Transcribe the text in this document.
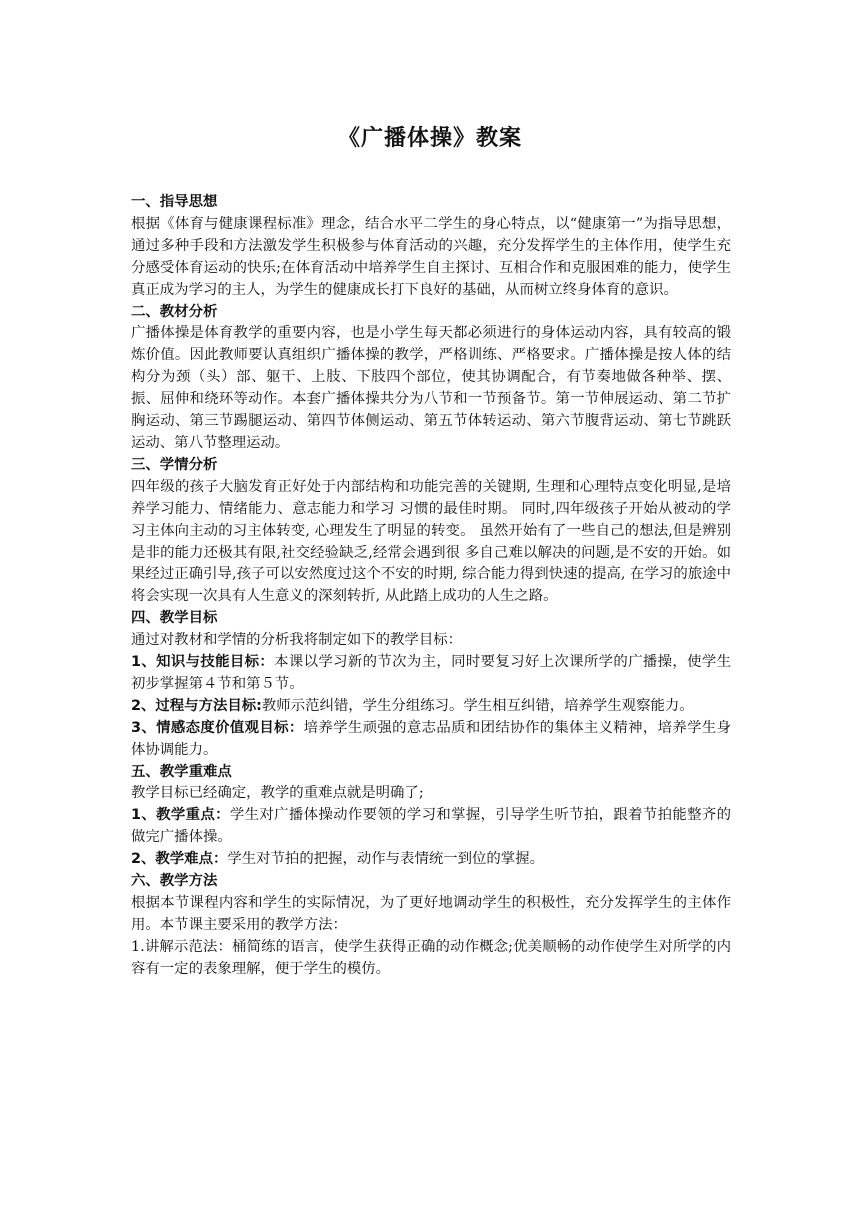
《广播体操》教案

一、指导思想

根据《体育与健康课程标准》理念，结合水平二学生的身心特点，以“健康第一”为指导思想，通过多种手段和方法激发学生积极参与体育活动的兴趣，充分发挥学生的主体作用，使学生充分感受体育运动的快乐;在体育活动中培养学生自主探讨、互相合作和克服困难的能力，使学生真正成为学习的主人，为学生的健康成长打下良好的基础，从而树立终身体育的意识。

二、教材分析

广播体操是体育教学的重要内容，也是小学生每天都必须进行的身体运动内容，具有较高的锻炼价值。因此教师要认真组织广播体操的教学，严格训练、严格要求。广播体操是按人体的结构分为颈（头）部、躯干、上肢、下肢四个部位，使其协调配合，有节奏地做各种举、摆、振、屈伸和绕环等动作。本套广播体操共分为八节和一节预备节。第一节伸展运动、第二节扩胸运动、第三节踢腿运动、第四节体侧运动、第五节体转运动、第六节腹背运动、第七节跳跃运动、第八节整理运动。

三、学情分析

四年级的孩子大脑发育正好处于内部结构和功能完善的关键期, 生理和心理特点变化明显,是培养学习能力、情绪能力、意志能力和学习 习惯的最佳时期。 同时,四年级孩子开始从被动的学习主体向主动的习主体转变, 心理发生了明显的转变。 虽然开始有了一些自己的想法,但是辨别是非的能力还极其有限,社交经验缺乏,经常会遇到很 多自己难以解决的问题,是不安的开始。如果经过正确引导,孩子可以安然度过这个不安的时期, 综合能力得到快速的提高, 在学习的旅途中将会实现一次具有人生意义的深刻转折, 从此踏上成功的人生之路。

四、教学目标

通过对教材和学情的分析我将制定如下的教学目标：

1、知识与技能目标：本课以学习新的节次为主，同时要复习好上次课所学的广播操，使学生初步掌握第４节和第５节。

2、过程与方法目标:教师示范纠错，学生分组练习。学生相互纠错，培养学生观察能力。

3、情感态度价值观目标：培养学生顽强的意志品质和团结协作的集体主义精神，培养学生身体协调能力。

五、教学重难点

教学目标已经确定，教学的重难点就是明确了;

1、教学重点：学生对广播体操动作要领的学习和掌握，引导学生听节拍，跟着节拍能整齐的做完广播体操。

2、教学难点：学生对节拍的把握，动作与表情统一到位的掌握。

六、教学方法

根据本节课程内容和学生的实际情况，为了更好地调动学生的积极性，充分发挥学生的主体作用。本节课主要采用的教学方法：

1.讲解示范法：桶简练的语言，使学生获得正确的动作概念;优美顺畅的动作使学生对所学的内容有一定的表象理解，便于学生的模仿。
